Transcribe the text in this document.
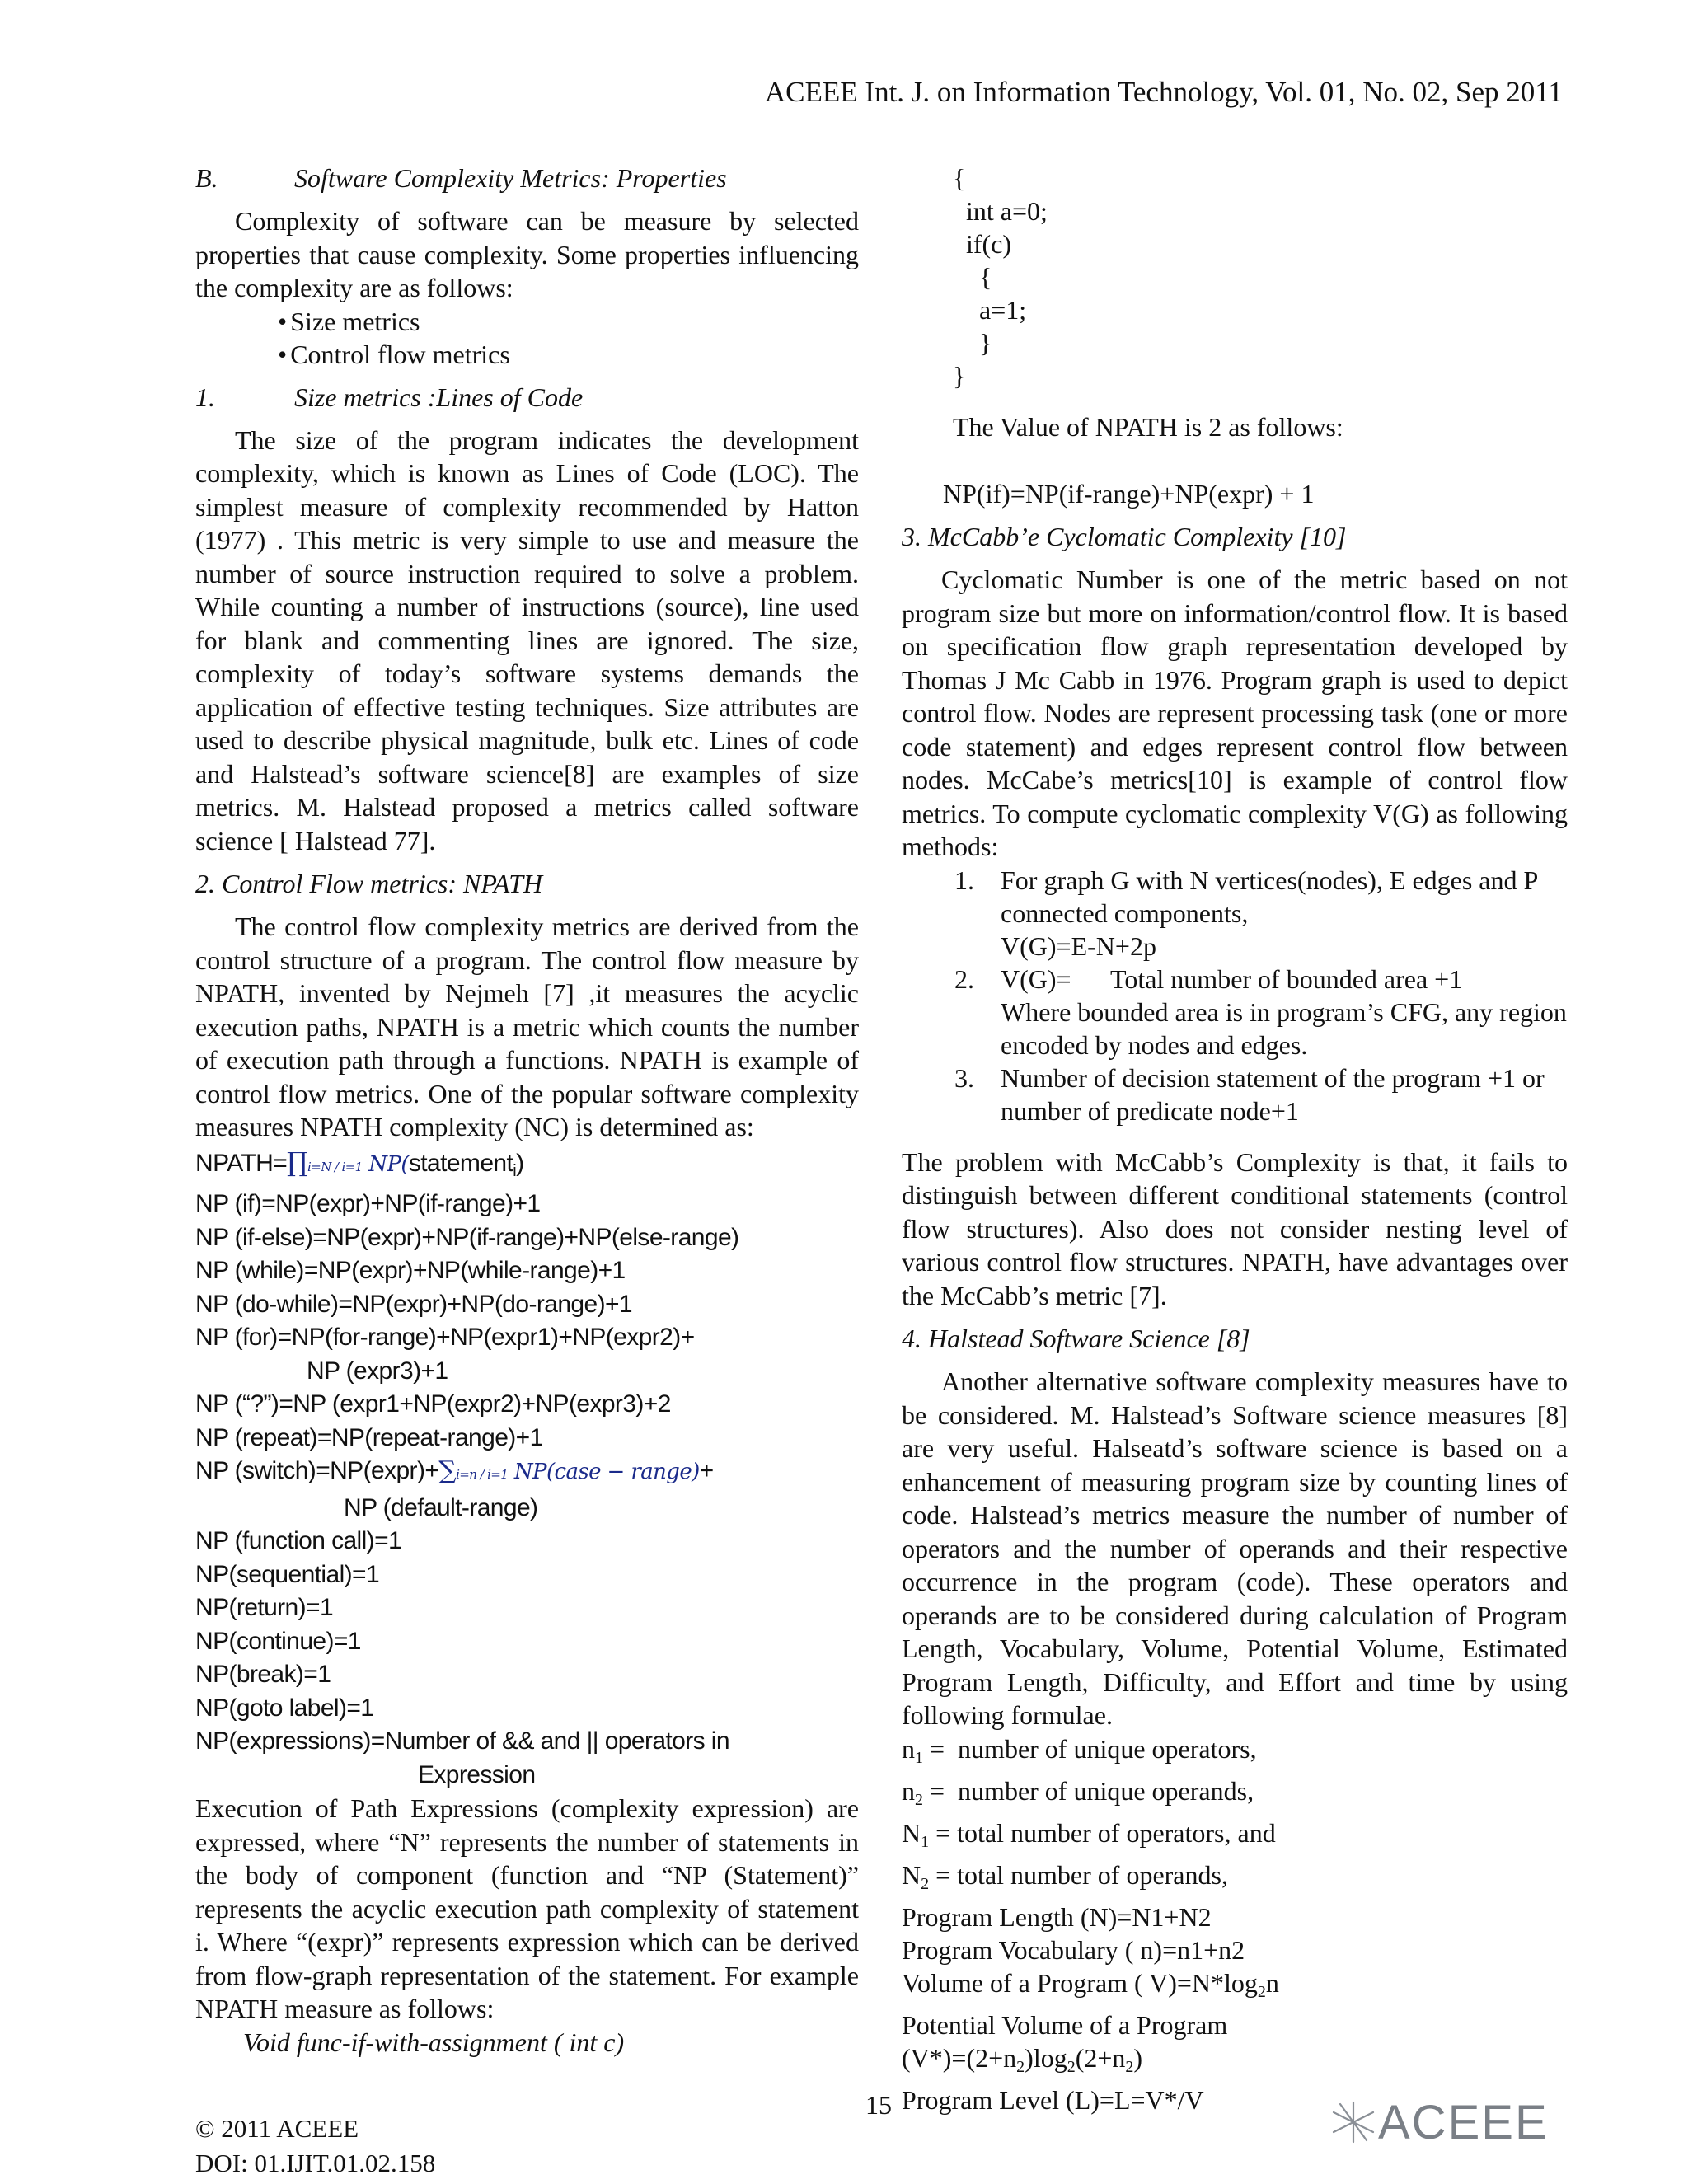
ACEEE Int. J. on Information Technology, Vol. 01, No. 02, Sep 2011

B.	Software Complexity Metrics: Properties

Complexity of software can be measure by selected properties that cause complexity. Some properties influencing the complexity are as follows:

• Size metrics
• Control flow metrics

1.	Size metrics :Lines of Code

The size of the program indicates the development complexity, which is known as Lines of Code (LOC). The simplest measure of complexity recommended by Hatton (1977) . This metric is very simple to use and measure the number of source instruction required to solve a problem. While counting a number of instructions (source), line used for blank and commenting lines are ignored. The size, complexity of today’s software systems demands the application of effective testing techniques. Size attributes are used to describe physical magnitude, bulk etc. Lines of code and Halstead’s software science[8] are examples of size metrics. M. Halstead proposed a metrics called software science [ Halstead 77].

2. Control Flow metrics: NPATH

The control flow complexity metrics are derived from the control structure of a program. The control flow measure by NPATH, invented by Nejmeh [7] ,it measures the acyclic execution paths, NPATH is a metric which counts the number of execution path through a functions. NPATH is example of control flow metrics. One of the popular software complexity measures NPATH complexity (NC) is determined as:

NPATH=∏i=N / i=1 NP(statement$_i$)

NP (if)=NP(expr)+NP(if-range)+1

NP (if-else)=NP(expr)+NP(if-range)+NP(else-range)

NP (while)=NP(expr)+NP(while-range)+1

NP (do-while)=NP(expr)+NP(do-range)+1

NP (for)=NP(for-range)+NP(expr1)+NP(expr2)+

NP (expr3)+1

NP (“?”)=NP (expr1+NP(expr2)+NP(expr3)+2

NP (repeat)=NP(repeat-range)+1

NP (switch)=NP(expr)+∑i=n / i=1 NP(case − range)+

NP (default-range)

NP (function call)=1

NP(sequential)=1

NP(return)=1

NP(continue)=1

NP(break)=1

NP(goto label)=1

NP(expressions)=Number of && and || operators in

Expression

Execution of Path Expressions (complexity expression) are expressed, where “N” represents the number of statements in the body of component (function and “NP (Statement)” represents the acyclic execution path complexity of statement i. Where “(expr)” represents expression which can be derived from flow-graph representation of the statement. For example NPATH measure as follows:

Void func-if-with-assignment ( int c)

{

int a=0;

if(c)

{

a=1;

}

}

The Value of NPATH is 2 as follows:

NP(if)=NP(if-range)+NP(expr) + 1

3. McCabb’e Cyclomatic Complexity [10]

Cyclomatic Number is one of the metric based on not program size but more on information/control flow. It is based on specification flow graph representation developed by Thomas J Mc Cabb in 1976. Program graph is used to depict control flow. Nodes are represent processing task (one or more code statement) and edges represent control flow between nodes. McCabe’s metrics[10] is example of control flow metrics. To compute cyclomatic complexity V(G) as following methods:

1. For graph G with N vertices(nodes), E edges and P
connected components,
V(G)=E-N+2p
2. V(G)=      Total number of bounded area +1
Where bounded area is in program’s CFG, any region
encoded by nodes and edges.
3. Number of decision statement of the program +1 or
number of predicate node+1

The problem with McCabb’s Complexity is that, it fails to distinguish between different conditional statements (control flow structures). Also does not consider nesting level of various control flow structures. NPATH, have advantages over the McCabb’s metric [7].

4. Halstead Software Science [8]

Another alternative software complexity measures have to be considered. M. Halstead’s Software science measures [8] are very useful. Halseatd’s software science is based on a enhancement of measuring program size by counting lines of code. Halstead’s metrics measure the number of number of operators and the number of operands and their respective occurrence in the program (code). These operators and operands are to be considered during calculation of Program Length, Vocabulary, Volume, Potential Volume, Estimated Program Length, Difficulty, and Effort and time by using following formulae.

$n_1$ =  number of unique operators,
$n_2$ =  number of unique operands,
$N_1$ = total number of operators, and
$N_2$ = total number of operands,
Program Length (N)=N1+N2
Program Vocabulary ( n)=n1+n2
Volume of a Program ( $V)=N*\log_2n$
Potential Volume of a Program
$(V*)=(2+n_2)\log_2(2+n_2)$
Program Level (L)=L=V*/V
15
© 2011 ACEEE
DOI: 01.IJIT.01.02.158
ACEEE
